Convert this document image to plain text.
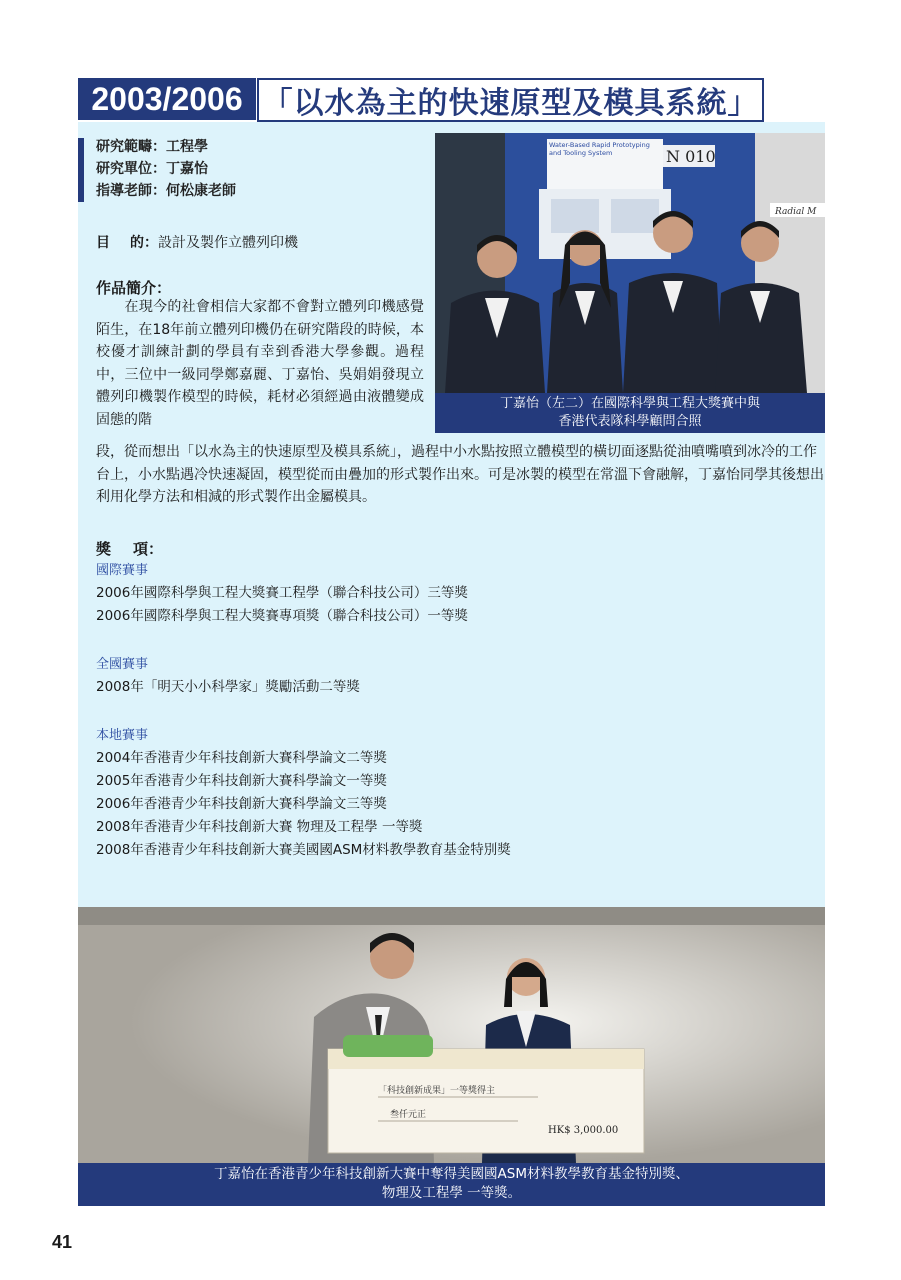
2003/2006 「以水為主的快速原型及模具系統」
研究範疇：工程學
研究單位：丁嘉怡
指導老師：何松康老師
目 的：設計及製作立體列印機
作品簡介：

　　在現今的社會相信大家都不會對立體列印機感覺陌生，在18年前立體列印機仍在研究階段的時候，本校優才訓練計劃的學員有幸到香港大學參觀。過程中，三位中一級同學鄭嘉麗、丁嘉怡、吳娟娟發現立體列印機製作模型的時候，耗材必須經過由液體變成固態的階

段，從而想出「以水為主的快速原型及模具系統」，過程中小水點按照立體模型的橫切面逐點從油噴嘴噴到冰冷的工作台上，小水點遇冷快速凝固，模型從而由疊加的形式製作出來。可是冰製的模型在常溫下會融解，丁嘉怡同學其後想出利用化學方法和相減的形式製作出金屬模具。

Radial M
Water-Based Rapid Prototyping and Tooling System	N 010
丁嘉怡（左二）在國際科學與工程大獎賽中與
香港代表隊科學顧問合照
獎 項：
國際賽事
2006年國際科學與工程大獎賽工程學（聯合科技公司）三等獎
2006年國際科學與工程大獎賽專項獎（聯合科技公司）一等獎
全國賽事
2008年「明天小小科學家」獎勵活動二等獎
本地賽事
2004年香港青少年科技創新大賽科學論文二等獎
2005年香港青少年科技創新大賽科學論文一等獎
2006年香港青少年科技創新大賽科學論文三等獎
2008年香港青少年科技創新大賽 物理及工程學 一等獎
2008年香港青少年科技創新大賽美國國ASM材料教學教育基金特別獎
「科技創新成果」一等獎得主
叁仟元正
HK$ 3,000.00
丁嘉怡在香港青少年科技創新大賽中奪得美國國ASM材料教學教育基金特別獎、
物理及工程學 一等獎。
41
